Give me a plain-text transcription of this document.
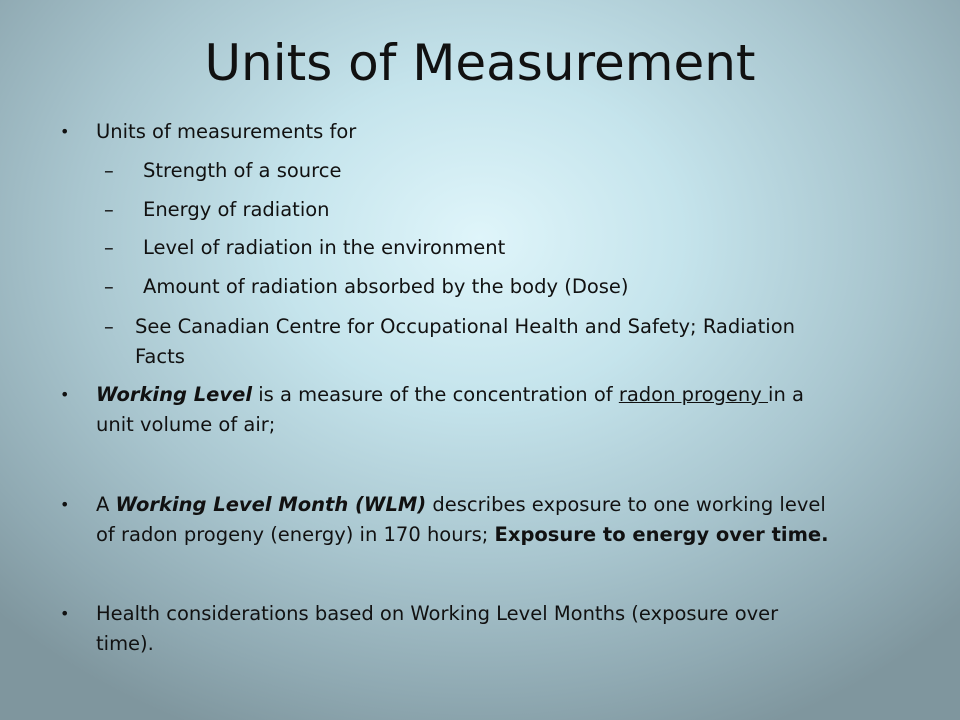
Units of Measurement
• Units of measurements for
– Strength of a source
– Energy of radiation
– Level of radiation in the environment
– Amount of radiation absorbed by the body (Dose)
– See Canadian Centre for Occupational Health and Safety; Radiation
Facts
• Working Level is a measure of the concentration of radon progeny in a
unit volume of air;
• A Working Level Month (WLM) describes exposure to one working level
of radon progeny (energy) in 170 hours; Exposure to energy over time.
• Health considerations based on Working Level Months (exposure over
time).
